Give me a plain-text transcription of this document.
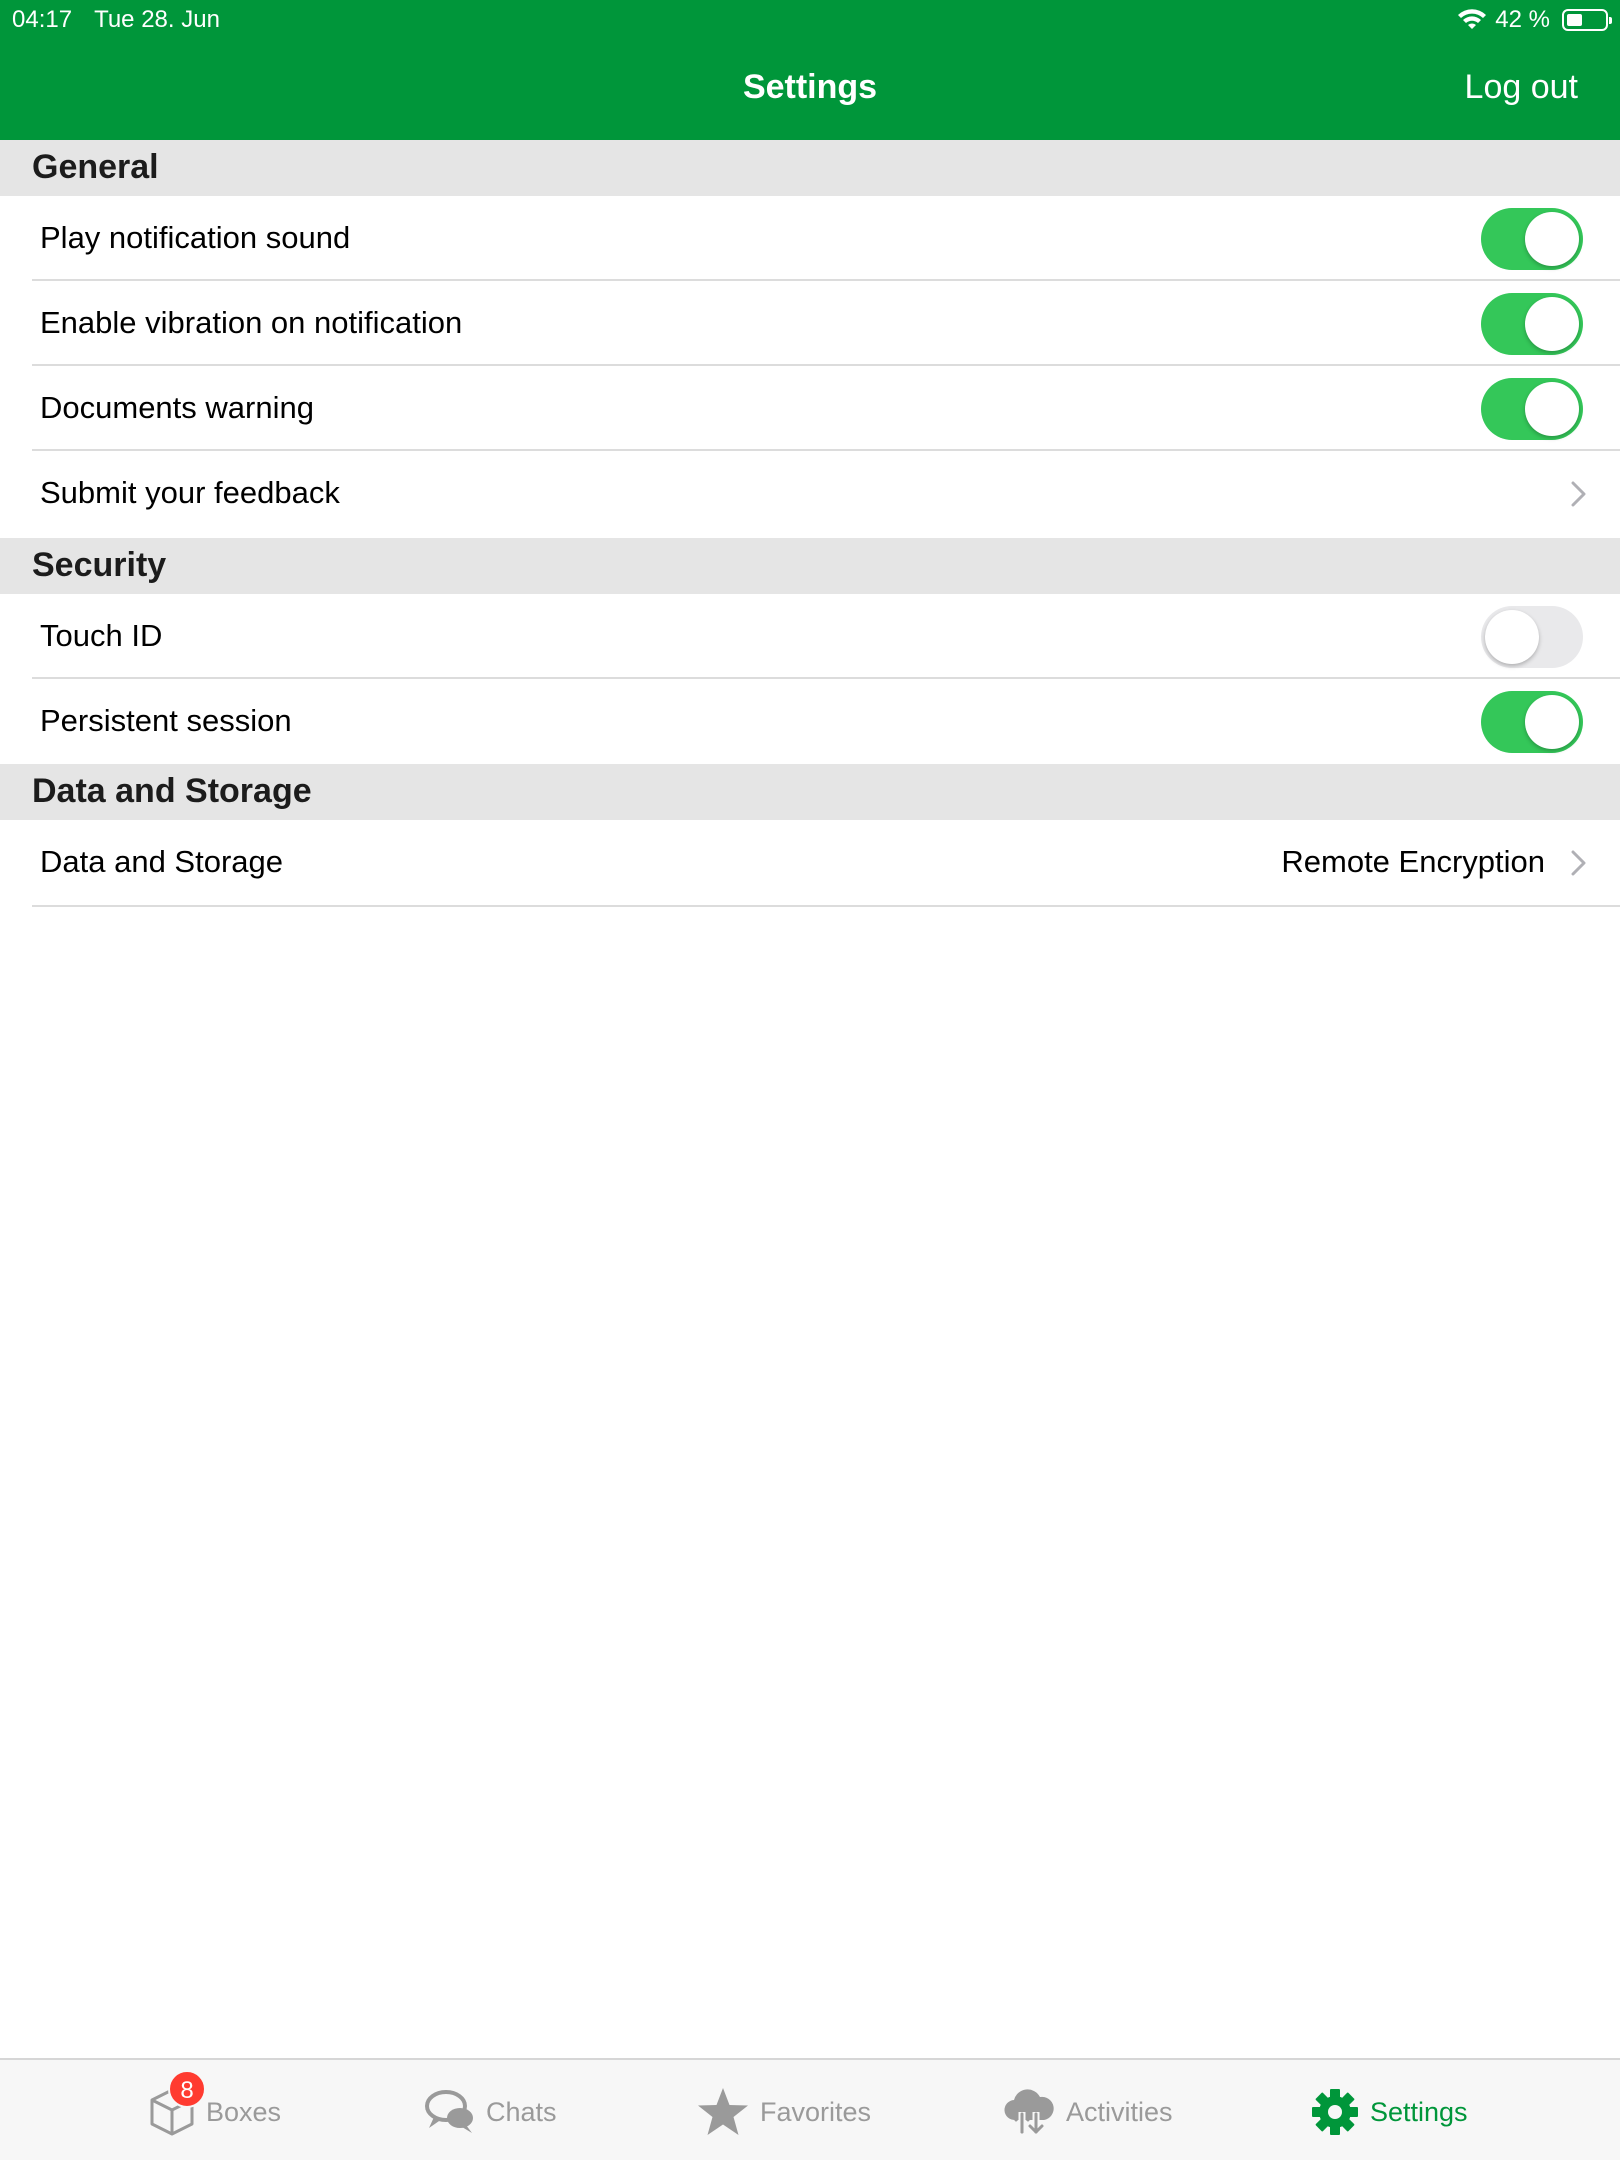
04:17 Tue 28. Jun	42 %
Settings	Log out
General
Play notification sound
Enable vibration on notification
Documents warning
Submit your feedback
Security
Touch ID
Persistent session
Data and Storage
Data and Storage	Remote Encryption
Boxes
8
Chats	Favorites	Activities	Settings
